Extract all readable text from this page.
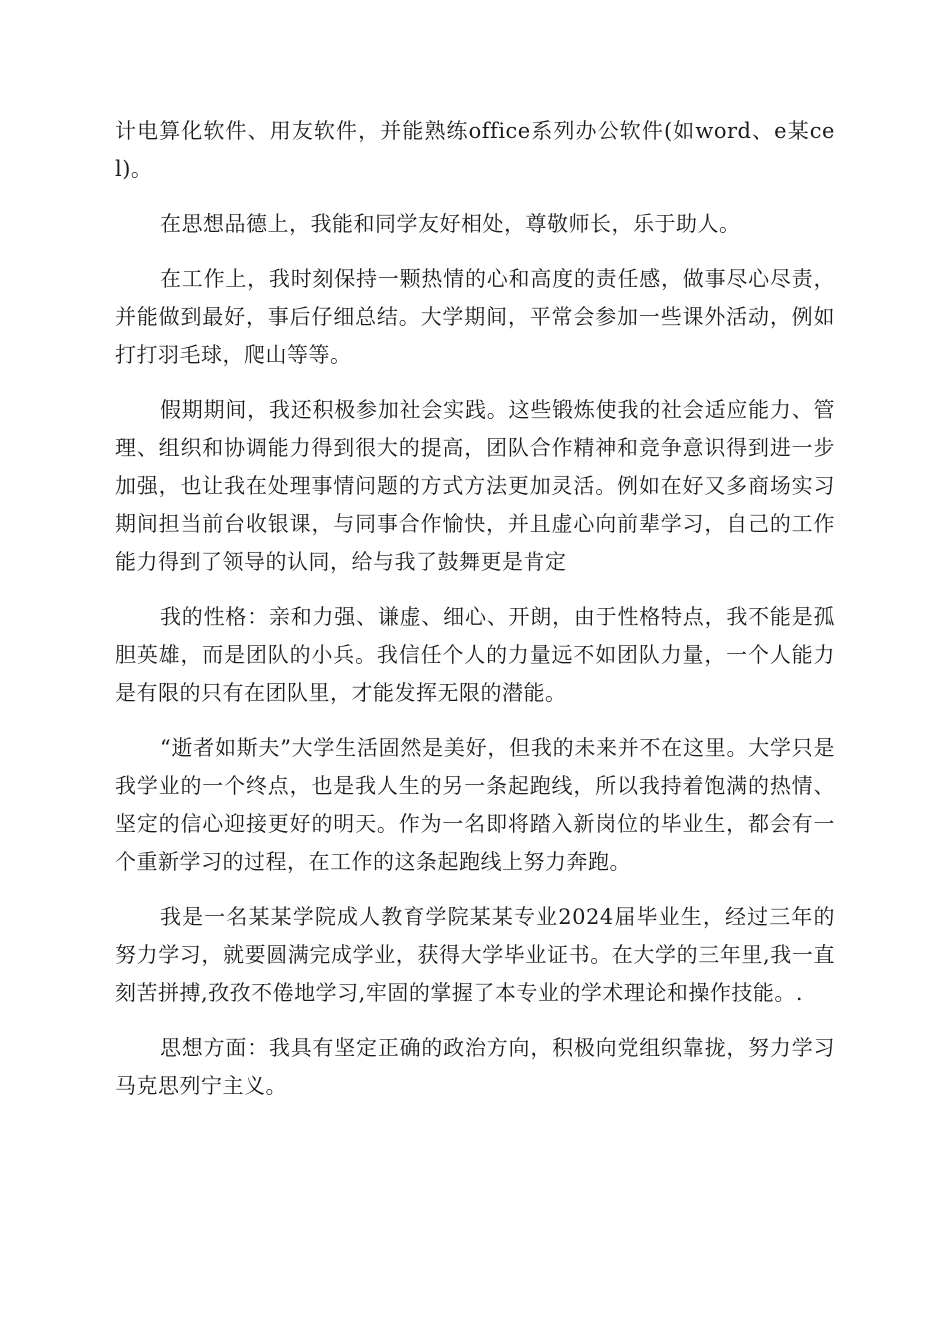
计电算化软件、用友软件，并能熟练office系列办公软件(如word、e某cel)。

在思想品德上，我能和同学友好相处，尊敬师长，乐于助人。

在工作上，我时刻保持一颗热情的心和高度的责任感，做事尽心尽责，并能做到最好，事后仔细总结。大学期间，平常会参加一些课外活动，例如打打羽毛球，爬山等等。

假期期间，我还积极参加社会实践。这些锻炼使我的社会适应能力、管理、组织和协调能力得到很大的提高，团队合作精神和竞争意识得到进一步加强，也让我在处理事情问题的方式方法更加灵活。例如在好又多商场实习期间担当前台收银课，与同事合作愉快，并且虚心向前辈学习，自己的工作能力得到了领导的认同，给与我了鼓舞更是肯定

我的性格：亲和力强、谦虚、细心、开朗，由于性格特点，我不能是孤胆英雄，而是团队的小兵。我信任个人的力量远不如团队力量，一个人能力是有限的只有在团队里，才能发挥无限的潜能。

“逝者如斯夫”大学生活固然是美好，但我的未来并不在这里。大学只是我学业的一个终点，也是我人生的另一条起跑线，所以我持着饱满的热情、坚定的信心迎接更好的明天。作为一名即将踏入新岗位的毕业生，都会有一个重新学习的过程，在工作的这条起跑线上努力奔跑。

我是一名某某学院成人教育学院某某专业2024届毕业生，经过三年的努力学习，就要圆满完成学业，获得大学毕业证书。在大学的三年里,我一直刻苦拼搏,孜孜不倦地学习,牢固的掌握了本专业的学术理论和操作技能。.

思想方面：我具有坚定正确的政治方向，积极向党组织靠拢，努力学习马克思列宁主义。
